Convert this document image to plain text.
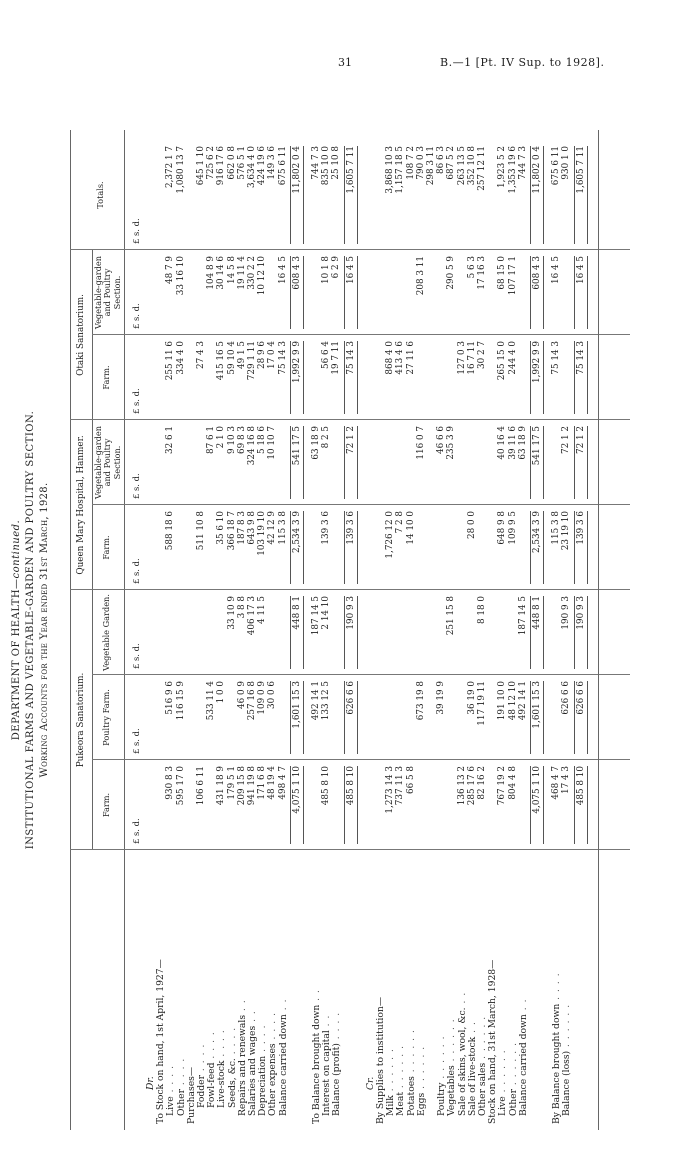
31	B.—1 [Pt. IV Sup. to 1928].
DEPARTMENT OF HEALTH—continued. INSTITUTIONAL FARMS AND VEGETABLE-GARDEN AND POULTRY SECTION. Working Accounts for the Year ended 31st March, 1928.	Pukeora Sanatorium.
Queen Mary Hospital, Hanmer.
Otaki Sanatorium.
Farm.
£ s. d.
Poultry Farm. £ s. d.
Vegetable Garden. £ s. d.
Farm.
£ s. d.
Vegetable-garden and Poultry Section.
£ s. d.
Farm.
£ s. d.
Vegetable-garden and Poultry Section.
£ s. d.
Totals.
£ s. d.
Dr. To Stock on hand, 1st April, 1927— Live . . . .
930 8 3
516 9 6
588 18 6
32 6 1
255 11 6
48 7 9
2,372 1 7
Other . . . .
595 17 0
116 15 9
334 4 0
33 16 10
1,080 13 7
Purchases— Fodder . . . .
106 6 11
511 10 8
27 4 3
645 1 10
Fowl-feed . . . .
533 11 4
87 6 1
104 8 9
725 6 2
Live-stock . . . .
431 18 9
1 0 0
35 6 10
2 1 0
415 16 5
30 14 6
916 17 6
Seeds, &c. . . . .
179 5 1
33 10 9
366 18 7
9 10 3
59 10 4
14 5 8
662 0 8
Repairs and renewals . .
209 15 8
46 0 9
3 8 8
187 8 3
69 8 3
49 1 5
19 11 4
576 5 1
Salaries and wages . .
941 19 8
257 16 8
406 17 3
643 9 8
324 16 8
729 1 11
330 2 2
3,634 4 0
Depreciation . . . .
171 6 8
109 0 9
4 11 5
103 19 10
5 18 6
28 9 6
10 12 10
424 19 6
Other expenses . . . .
48 19 4
30 0 6
42 12 9
10 10 7
17 0 4
149 3 6
Balance carried down . .
498 4 7
115 3 8
75 14 3
16 4 5
675 6 11
4,075 1 10
1,601 15 3
448 8 1
2,534 3 9
541 17 5
1,992 9 9
608 4 3
11,802 0 4
To Balance brought down . .
492 14 1
187 14 5
63 18 9
744 7 3
Interest on capital . .
485 8 10
133 12 5
2 14 10
139 3 6
8 2 5
56 6 4
10 1 8
835 10 0
Balance (profit) . . . .
19 7 11
6 2 9
25 10 8
485 8 10
626 6 6
190 9 3
139 3 6
72 1 2
75 14 3
16 4 5
1,605 7 11
Cr. By Supplies to institution— Milk . . . . . .
1,273 14 3
1,726 12 0
868 4 0
3,868 10 3
Meat . . . . . .
737 11 3
7 2 8
413 4 6
1,157 18 5
Potatoes . . . . . .
66 5 8
14 10 0
27 11 6
108 7 2
Eggs . . . . . .
673 19 8
116 0 7
208 3 11
790 0 3 298 3 11
Poultry . . . . . .
39 19 9
46 6 6
86 6 3
Vegetables . . . . . .
251 15 8
235 3 9
290 5 9
687 5 2
Sale of skins, wool, &c. . .
136 13 2
127 0 3
263 13 5
Sale of live-stock . .
285 17 6
36 19 0
28 0 0
16 7 11
5 6 3
352 10 8
Other sales . . . . . .
82 16 2
117 19 11
8 18 0
30 2 7
17 16 3
257 12 11
Stock on hand, 31st March, 1928— Live . . . . . .
767 19 2
191 10 0
648 9 8
40 16 4
265 15 0
68 15 0
1,923 5 2
Other . . . . . .
804 4 8
48 12 10
109 9 5
39 11 6
244 4 0
107 17 1
1,353 19 6
Balance carried down . .
492 14 1
187 14 5
63 18 9
744 7 3
4,075 1 10
1,601 15 3
448 8 1
2,534 3 9
541 17 5
1,992 9 9
608 4 3
11,802 0 4
By Balance brought down . . . .
468 4 7
115 3 8
75 14 3
16 4 5
675 6 11
Balance (loss) . . . . . .
17 4 3
626 6 6
190 9 3
23 19 10
72 1 2
930 1 0
485 8 10
626 6 6
190 9 3
139 3 6
72 1 2
75 14 3
16 4 5
1,605 7 11
